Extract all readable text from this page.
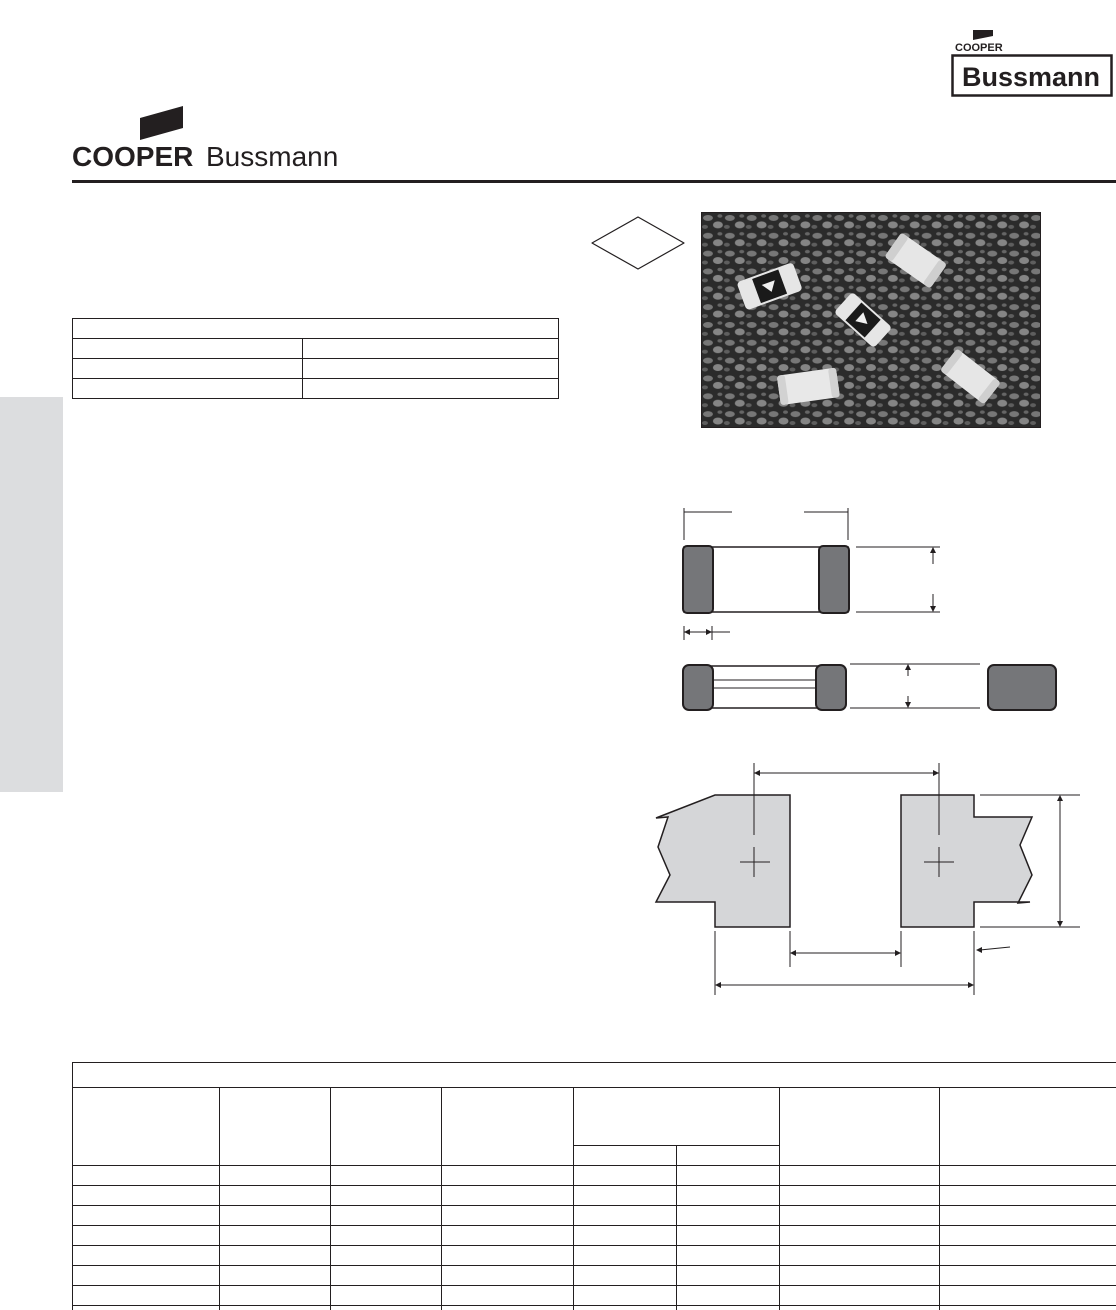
COOPER
Bussmann
COOPER Bussmann
